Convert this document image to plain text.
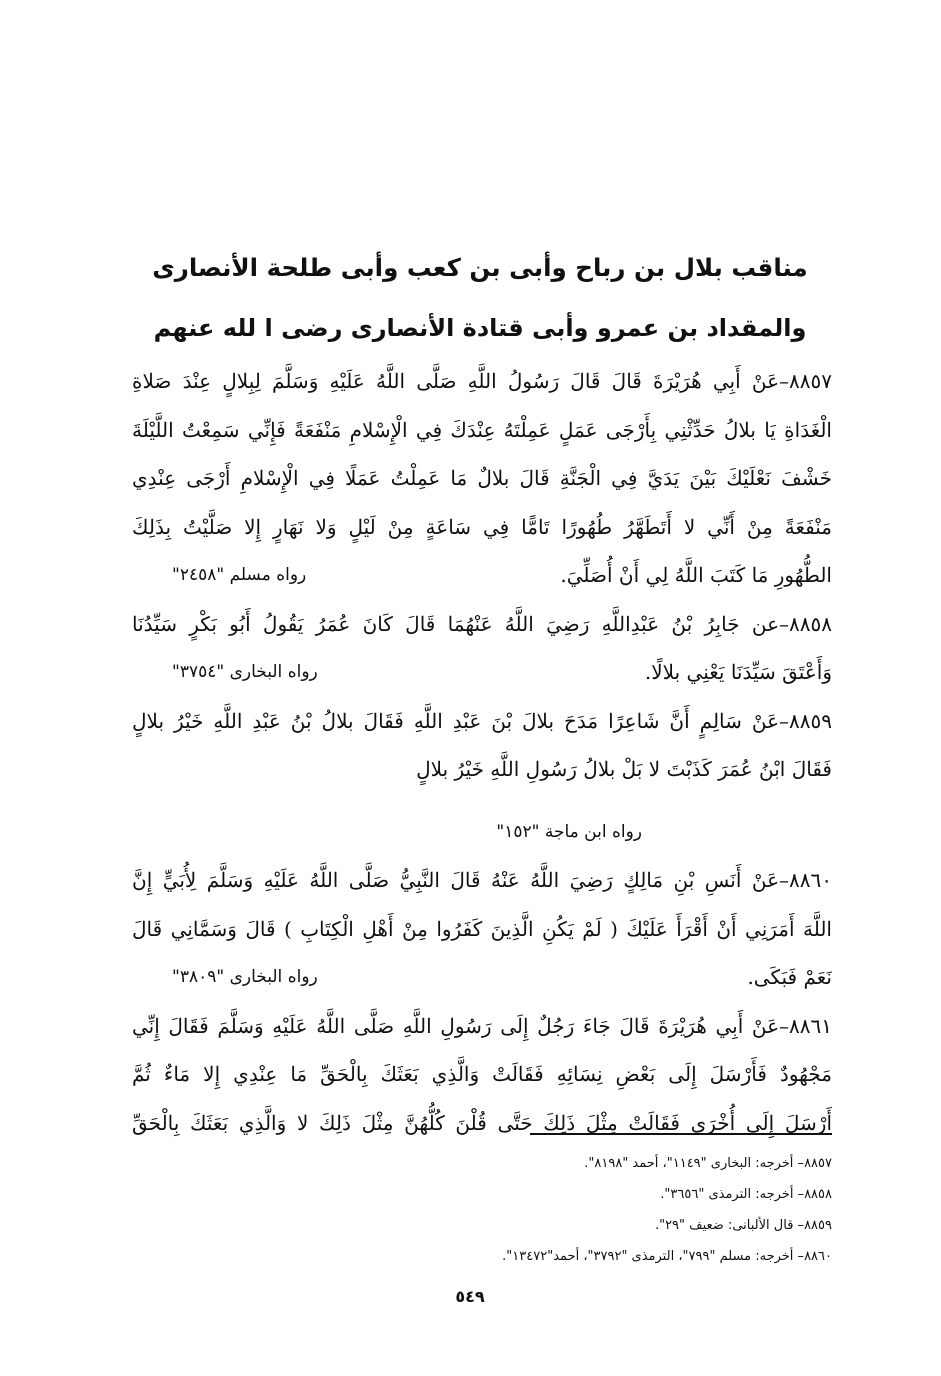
مناقب بلال بن رباح وأبى بن كعب وأبى طلحة الأنصارى
والمقداد بن عمرو وأبى قتادة الأنصارى رضى ا لله عنهم
٨٨٥٧–عَنْ أَبِي هُرَيْرَةَ قَالَ قَالَ رَسُولُ اللَّهِ صَلَّى اللَّهُ عَلَيْهِ وَسَلَّمَ لِبِلالٍ عِنْدَ صَلاةِ
الْغَدَاةِ يَا بلالُ حَدِّثْنِي بِأَرْجَى عَمَلٍ عَمِلْتَهُ عِنْدَكَ فِي الْإِسْلامِ مَنْفَعَةً فَإِنِّي سَمِعْتُ اللَّيْلَةَ
خَشْفَ نَعْلَيْكَ بَيْنَ يَدَيَّ فِي الْجَنَّةِ قَالَ بلالٌ مَا عَمِلْتُ عَمَلًا فِي الْإِسْلامِ أَرْجَى عِنْدِي
مَنْفَعَةً مِنْ أَنِّي لا أَتَطَهَّرُ طُهُورًا تَامًّا فِي سَاعَةٍ مِنْ لَيْلٍ وَلا نَهَارٍ إِلا صَلَّيْتُ بِذَلِكَ
الطُّهُورِ مَا كَتَبَ اللَّهُ لِي أَنْ أُصَلِّيَ.
رواه مسلم "٢٤٥٨"
٨٨٥٨–عن جَابِرُ بْنُ عَبْدِاللَّهِ رَضِيَ اللَّهُ عَنْهُمَا قَالَ كَانَ عُمَرُ يَقُولُ أَبُو بَكْرٍ سَيِّدُنَا
وَأَعْتَقَ سَيِّدَنَا يَعْنِي بلالًا.
رواه البخارى "٣٧٥٤"
٨٨٥٩–عَنْ سَالِمٍ أَنَّ شَاعِرًا مَدَحَ بلالَ بْنَ عَبْدِ اللَّهِ فَقَالَ بلالُ بْنُ عَبْدِ اللَّهِ خَيْرُ بلالٍ
فَقَالَ ابْنُ عُمَرَ كَذَبْتَ لا بَلْ بلالُ رَسُولِ اللَّهِ خَيْرُ بلالٍ
رواه ابن ماجة "١٥٢"
٨٨٦٠–عَنْ أَنَسِ بْنِ مَالِكٍ رَضِيَ اللَّهُ عَنْهُ قَالَ النَّبِيُّ صَلَّى اللَّهُ عَلَيْهِ وَسَلَّمَ لِأُبَيٍّ إِنَّ
اللَّهَ أَمَرَنِي أَنْ أَقْرَأَ عَلَيْكَ ( لَمْ يَكُنِ الَّذِينَ كَفَرُوا مِنْ أَهْلِ الْكِتَابِ ) قَالَ وَسَمَّانِي قَالَ
نَعَمْ فَبَكَى.
رواه البخارى "٣٨٠٩"
٨٨٦١–عَنْ أَبِي هُرَيْرَةَ قَالَ جَاءَ رَجُلٌ إِلَى رَسُولِ اللَّهِ صَلَّى اللَّهُ عَلَيْهِ وَسَلَّمَ فَقَالَ إِنِّي
مَجْهُودٌ فَأَرْسَلَ إِلَى بَعْضِ نِسَائِهِ فَقَالَتْ وَالَّذِي بَعَثَكَ بِالْحَقِّ مَا عِنْدِي إِلا مَاءٌ ثُمَّ
أَرْسَلَ إِلَى أُخْرَى فَقَالَتْ مِثْلَ ذَلِكَ حَتَّى قُلْنَ كُلُّهُنَّ مِثْلَ ذَلِكَ لا وَالَّذِي بَعَثَكَ بِالْحَقِّ
٨٨٥٧– أخرجه: البخارى "١١٤٩"، أحمد "٨١٩٨".
٨٨٥٨– أخرجه: الترمذى "٣٦٥٦".
٨٨٥٩– قال الألبانى: ضعيف "٢٩".
٨٨٦٠– أخرجه: مسلم "٧٩٩"، الترمذى "٣٧٩٢"، أحمد"١٣٤٧٢".
٥٤٩
